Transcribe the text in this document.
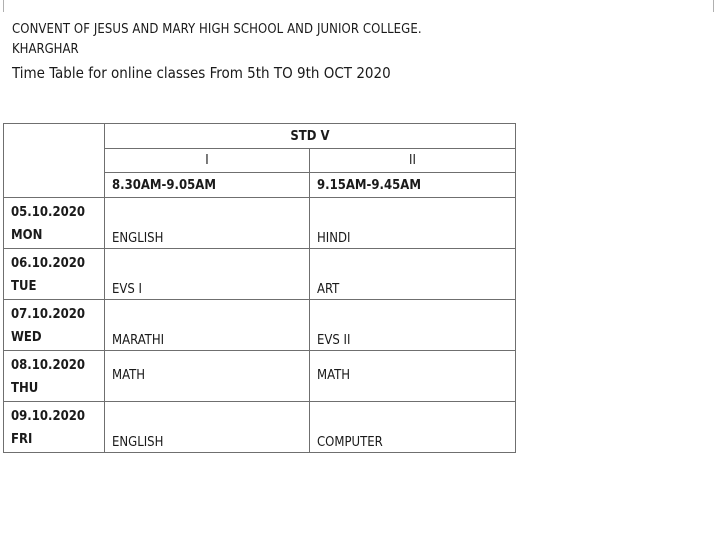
CONVENT OF JESUS AND MARY HIGH SCHOOL AND JUNIOR COLLEGE.
KHARGHAR
Time Table for online classes From 5th TO 9th OCT 2020
	STD V	
	I	II
	8.30AM-9.05AM	9.15AM-9.45AM

05.10.2020
MON	ENGLISH	HINDI

06.10.2020
TUE	EVS I	ART

07.10.2020
WED	MARATHI	EVS II

08.10.2020
THU	MATH	MATH

09.10.2020
FRI	ENGLISH	COMPUTER
